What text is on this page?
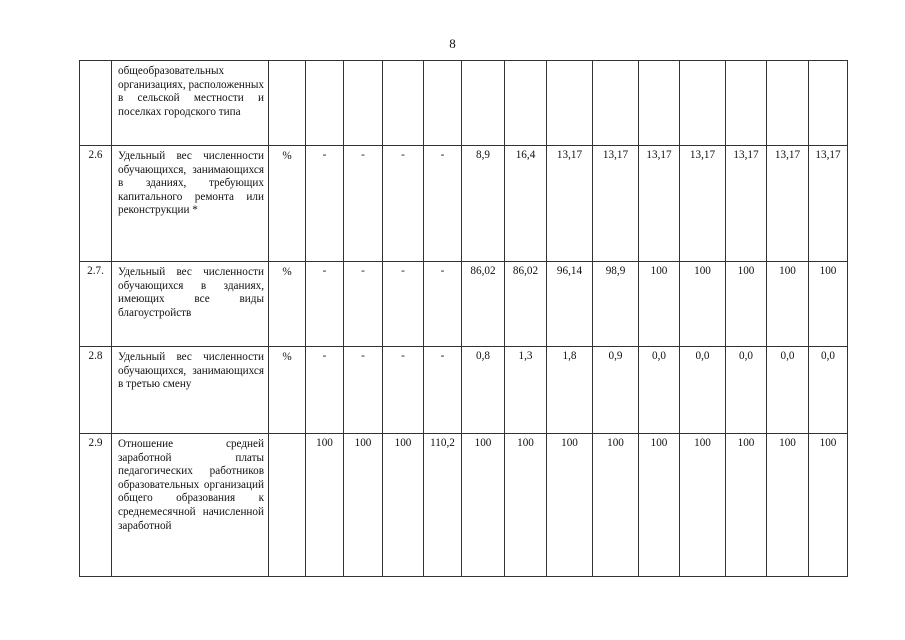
8
	общеобразовательных организациях, расположенных в сельской местности и поселках городского типа														
2.6	Удельный вес численности обучающихся, занимающихся в зданиях, требующих капитального ремонта или реконструкции *	%	-	-	-	-	8,9	16,4	13,17	13,17	13,17	13,17	13,17	13,17	13,17
2.7.	Удельный вес численности обучающихся в зданиях, имеющих все виды благоустройств	%	-	-	-	-	86,02	86,02	96,14	98,9	100	100	100	100	100
2.8	Удельный вес численности обучающихся, занимающихся в третью смену	%	-	-	-	-	0,8	1,3	1,8	0,9	0,0	0,0	0,0	0,0	0,0
2.9	Отношение средней заработной платы педагогических работников образовательных организаций общего образования к среднемесячной начисленной заработной		100	100	100	110,2	100	100	100	100	100	100	100	100	100
